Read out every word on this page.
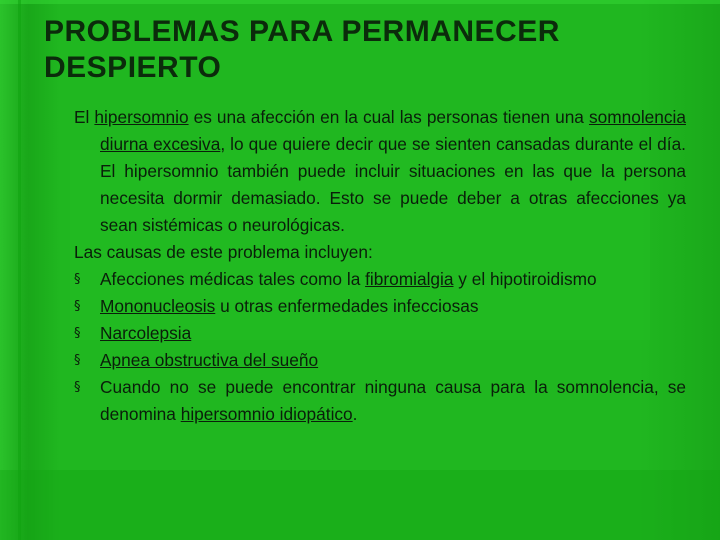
PROBLEMAS PARA PERMANECER DESPIERTO

El hipersomnio es una afección en la cual las personas tienen una somnolencia diurna excesiva, lo que quiere decir que se sienten cansadas durante el día. El hipersomnio también puede incluir situaciones en las que la persona necesita dormir demasiado. Esto se puede deber a otras afecciones ya sean sistémicas o neurológicas.

Las causas de este problema incluyen:

§	Afecciones médicas tales como la fibromialgia y el hipotiroidismo
§	Mononucleosis u otras enfermedades infecciosas
§	Narcolepsia
§	Apnea obstructiva del sueño
§	Cuando no se puede encontrar ninguna causa para la somnolencia, se denomina hipersomnio idiopático.
